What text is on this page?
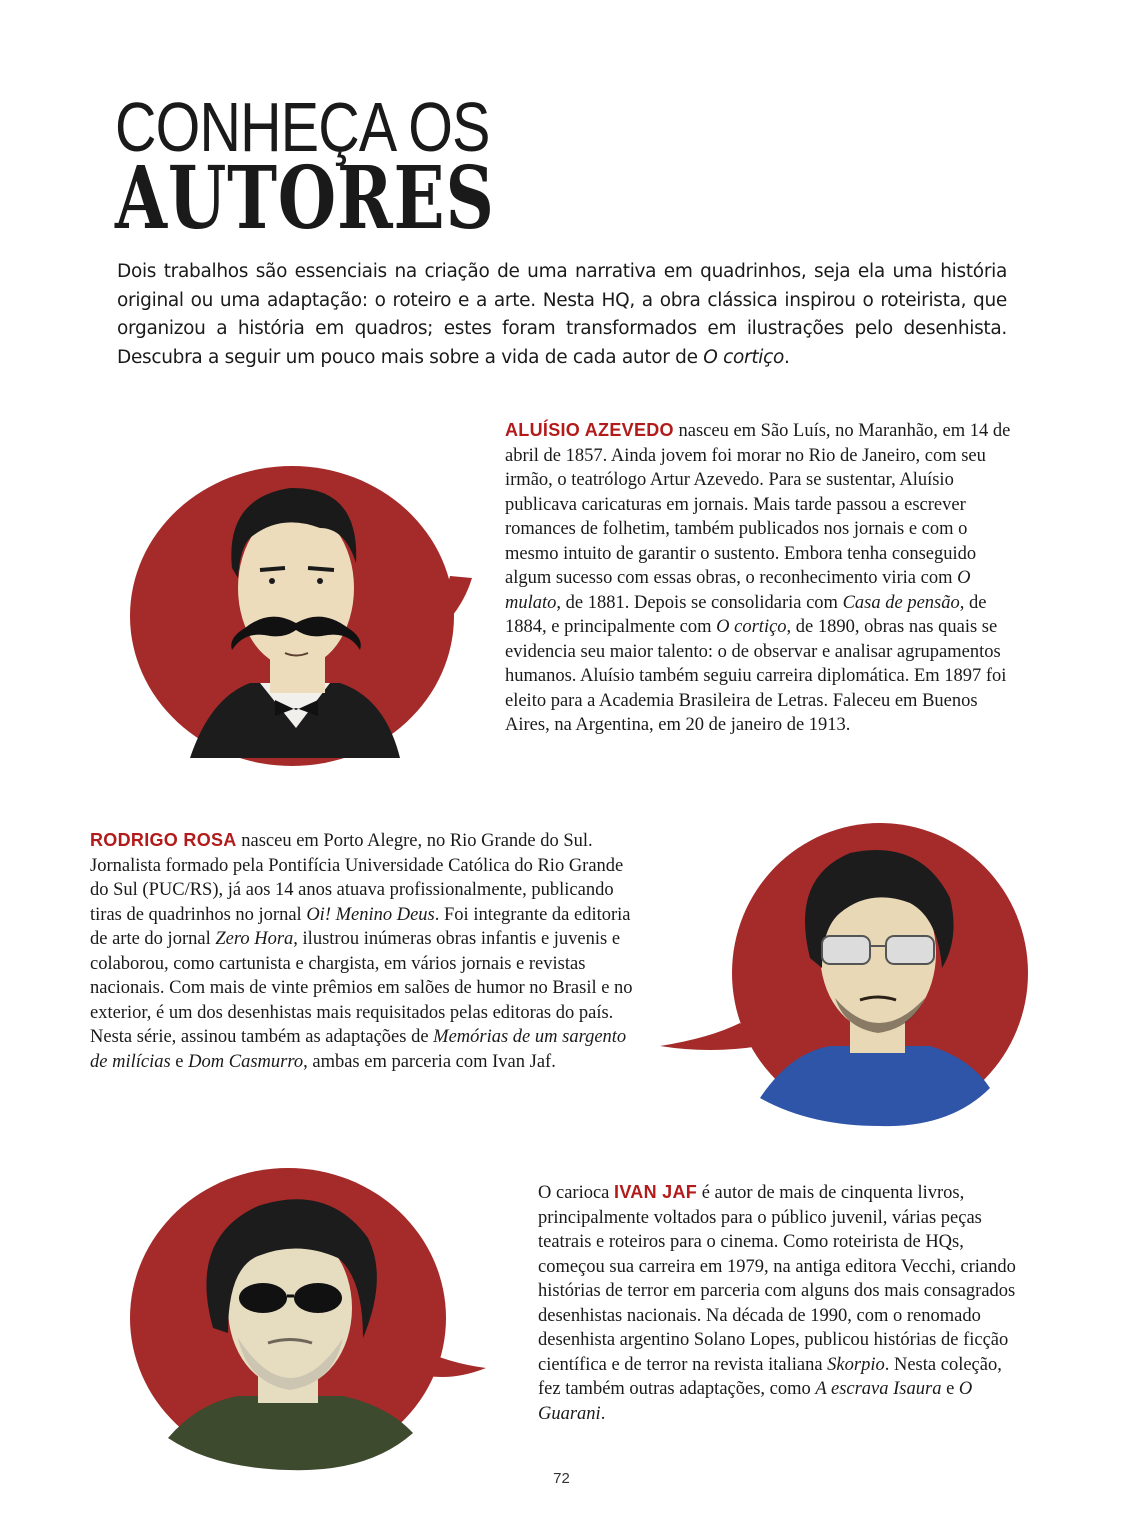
CONHEÇA OS
AUTORES

Dois trabalhos são essenciais na criação de uma narrativa em quadrinhos, seja ela uma história original ou uma adaptação: o roteiro e a arte. Nesta HQ, a obra clássica inspirou o roteirista, que organizou a história em quadros; estes foram transformados em ilustrações pelo desenhista. Descubra a seguir um pouco mais sobre a vida de cada autor de O cortiço.

ALUÍSIO AZEVEDO nasceu em São Luís, no Maranhão, em 14 de abril de 1857. Ainda jovem foi morar no Rio de Janeiro, com seu irmão, o teatrólogo Artur Azevedo. Para se sustentar, Aluísio publicava caricaturas em jornais. Mais tarde passou a escrever romances de folhetim, também publicados nos jornais e com o mesmo intuito de garantir o sustento. Embora tenha conseguido algum sucesso com essas obras, o reconhecimento viria com O mulato, de 1881. Depois se consolidaria com Casa de pensão, de 1884, e principalmente com O cortiço, de 1890, obras nas quais se evidencia seu maior talento: o de observar e analisar agrupamentos humanos. Aluísio também seguiu carreira diplomática. Em 1897 foi eleito para a Academia Brasileira de Letras. Faleceu em Buenos Aires, na Argentina, em 20 de janeiro de 1913.

RODRIGO ROSA nasceu em Porto Alegre, no Rio Grande do Sul. Jornalista formado pela Pontifícia Universidade Católica do Rio Grande do Sul (PUC/RS), já aos 14 anos atuava profissionalmente, publicando tiras de quadrinhos no jornal Oi! Menino Deus. Foi integrante da editoria de arte do jornal Zero Hora, ilustrou inúmeras obras infantis e juvenis e colaborou, como cartunista e chargista, em vários jornais e revistas nacionais. Com mais de vinte prêmios em salões de humor no Brasil e no exterior, é um dos desenhistas mais requisitados pelas editoras do país. Nesta série, assinou também as adaptações de Memórias de um sargento de milícias e Dom Casmurro, ambas em parceria com Ivan Jaf.

O carioca IVAN JAF é autor de mais de cinquenta livros, principalmente voltados para o público juvenil, várias peças teatrais e roteiros para o cinema. Como roteirista de HQs, começou sua carreira em 1979, na antiga editora Vecchi, criando histórias de terror em parceria com alguns dos mais consagrados desenhistas nacionais. Na década de 1990, com o renomado desenhista argentino Solano Lopes, publicou histórias de ficção científica e de terror na revista italiana Skorpio. Nesta coleção, fez também outras adaptações, como A escrava Isaura e O Guarani.

72
